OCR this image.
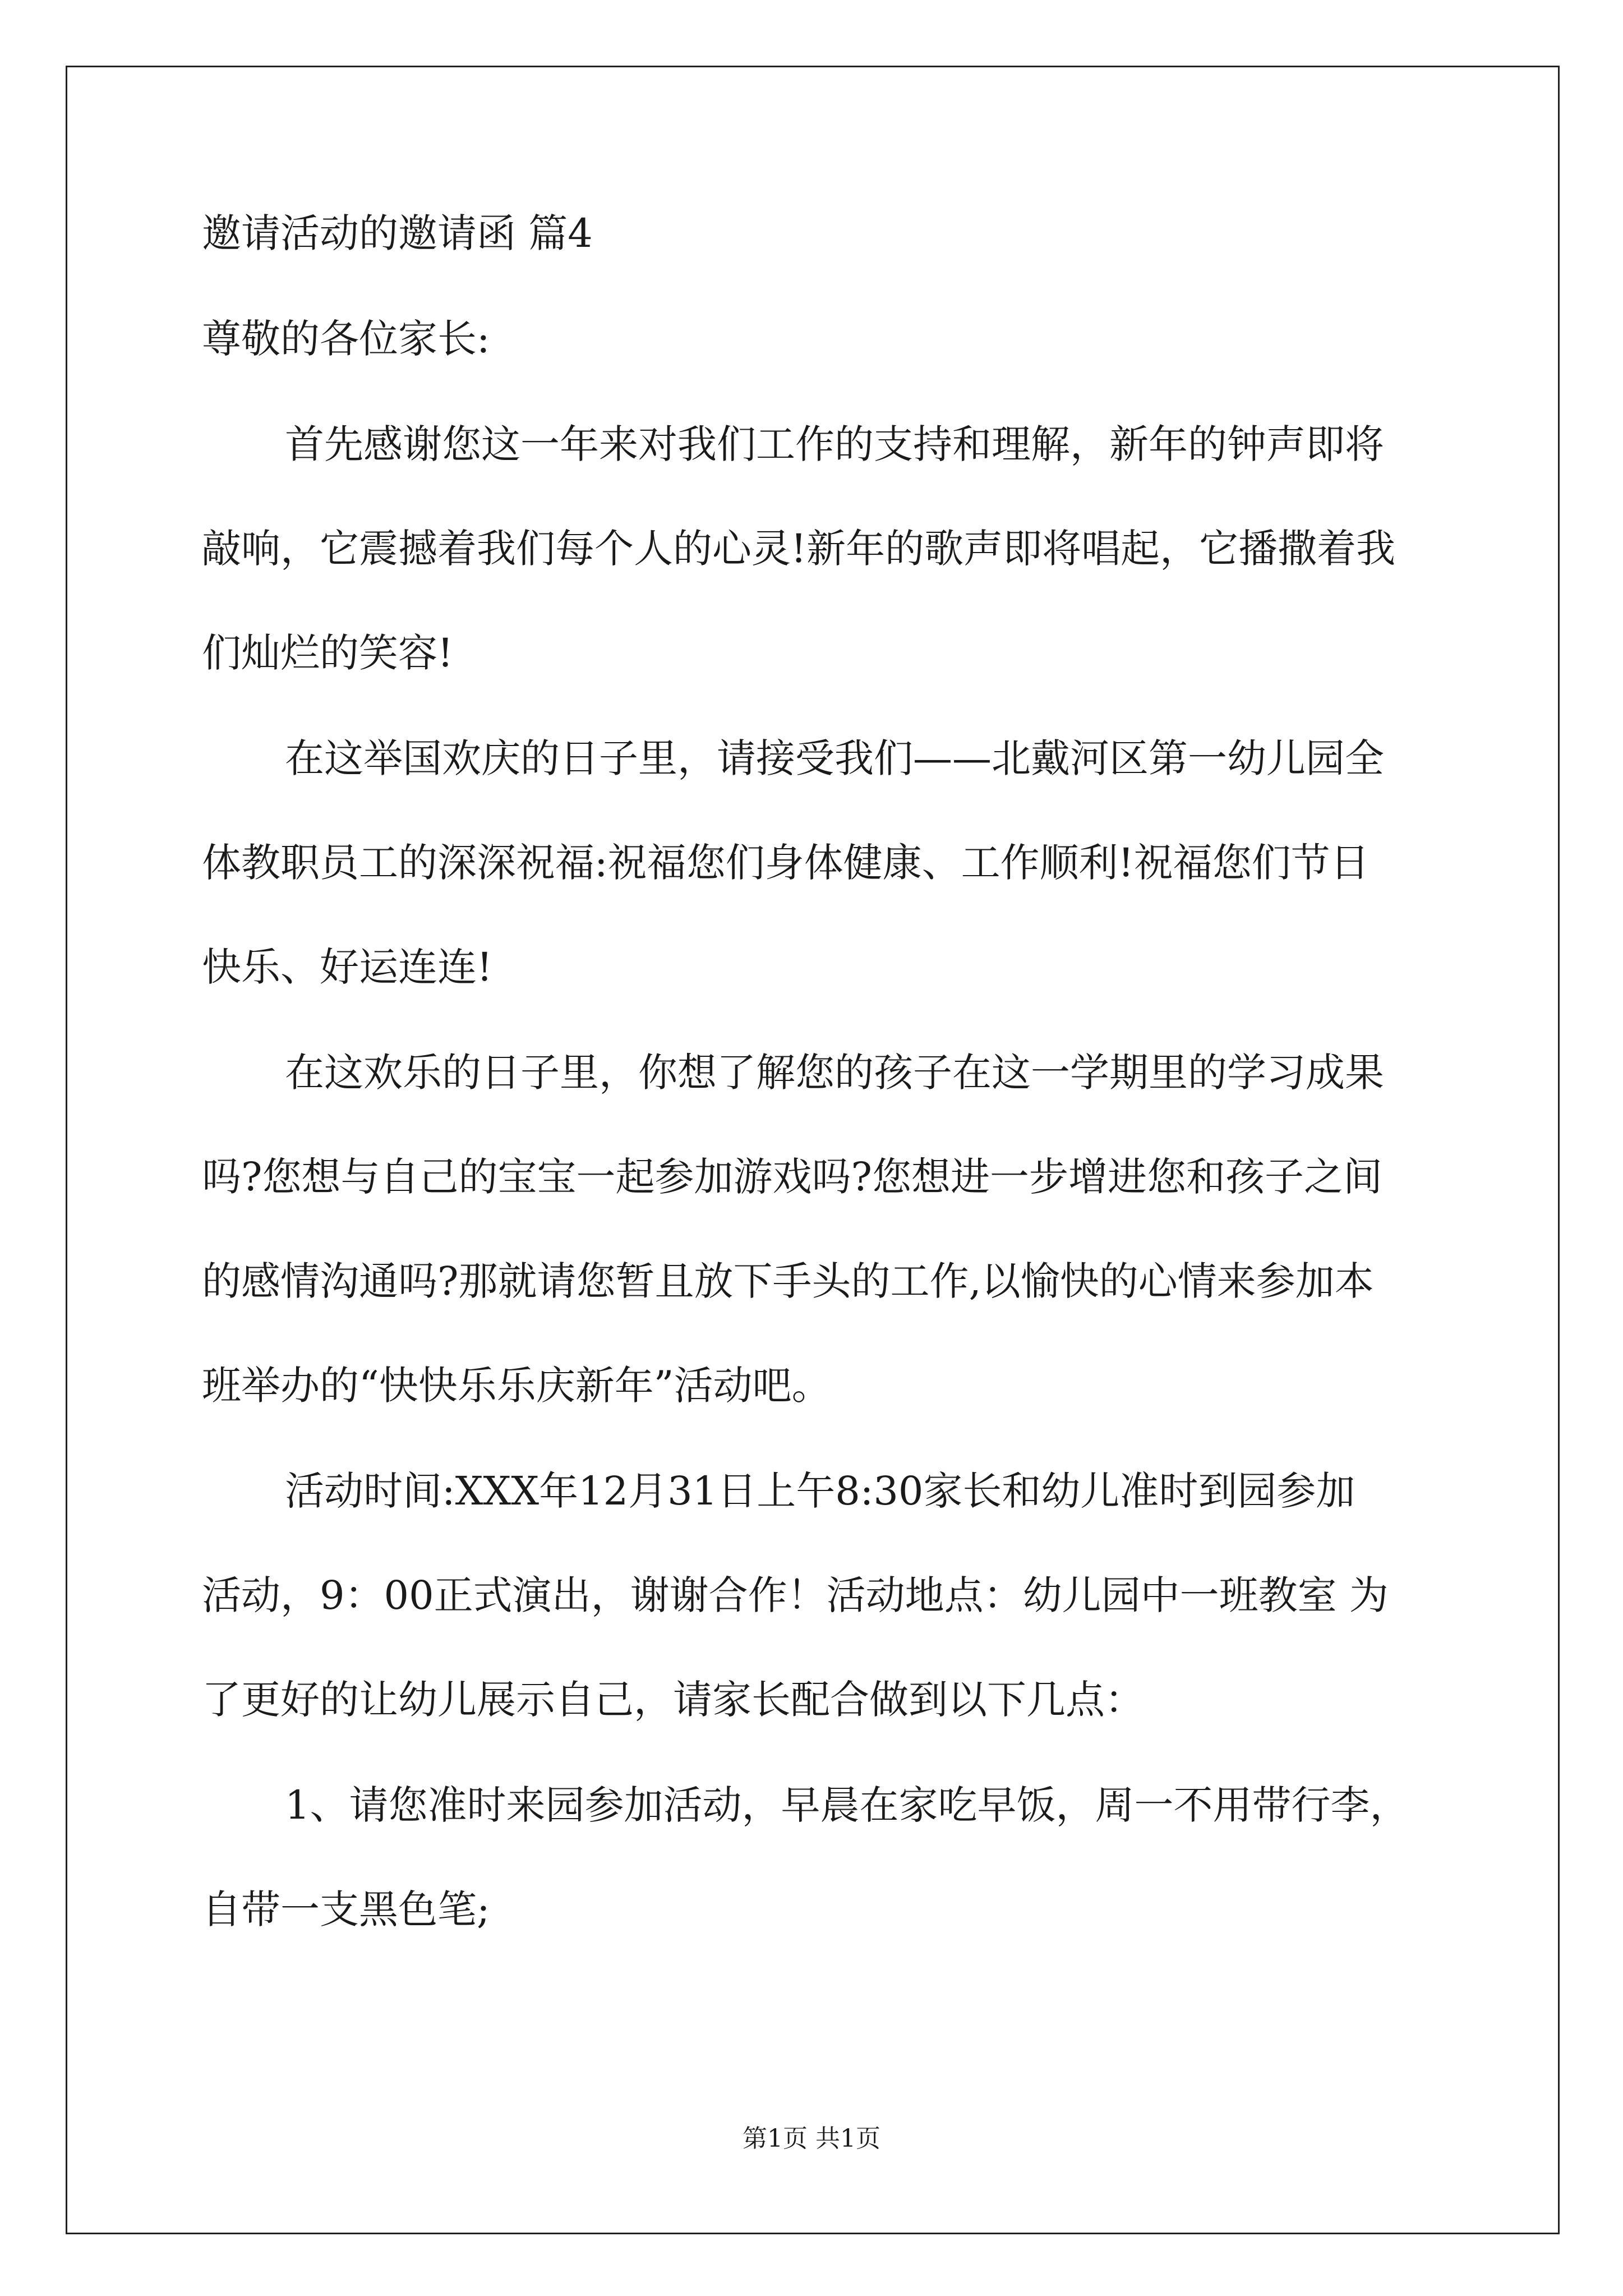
邀请活动的邀请函 篇4

尊敬的各位家长:

首先感谢您这一年来对我们工作的支持和理解，新年的钟声即将

敲响，它震撼着我们每个人的心灵!新年的歌声即将唱起，它播撒着我

们灿烂的笑容!

在这举国欢庆的日子里，请接受我们——北戴河区第一幼儿园全

体教职员工的深深祝福:祝福您们身体健康、工作顺利!祝福您们节日

快乐、好运连连!

在这欢乐的日子里，你想了解您的孩子在这一学期里的学习成果

吗?您想与自己的宝宝一起参加游戏吗?您想进一步增进您和孩子之间

的感情沟通吗?那就请您暂且放下手头的工作,以愉快的心情来参加本

班举办的“快快乐乐庆新年”活动吧。

活动时间:XXX年12月31日上午8:30家长和幼儿准时到园参加

活动，9：00正式演出，谢谢合作！活动地点：幼儿园中一班教室 为

了更好的让幼儿展示自己，请家长配合做到以下几点：

1、请您准时来园参加活动，早晨在家吃早饭，周一不用带行李，

自带一支黑色笔;

第1页 共1页
